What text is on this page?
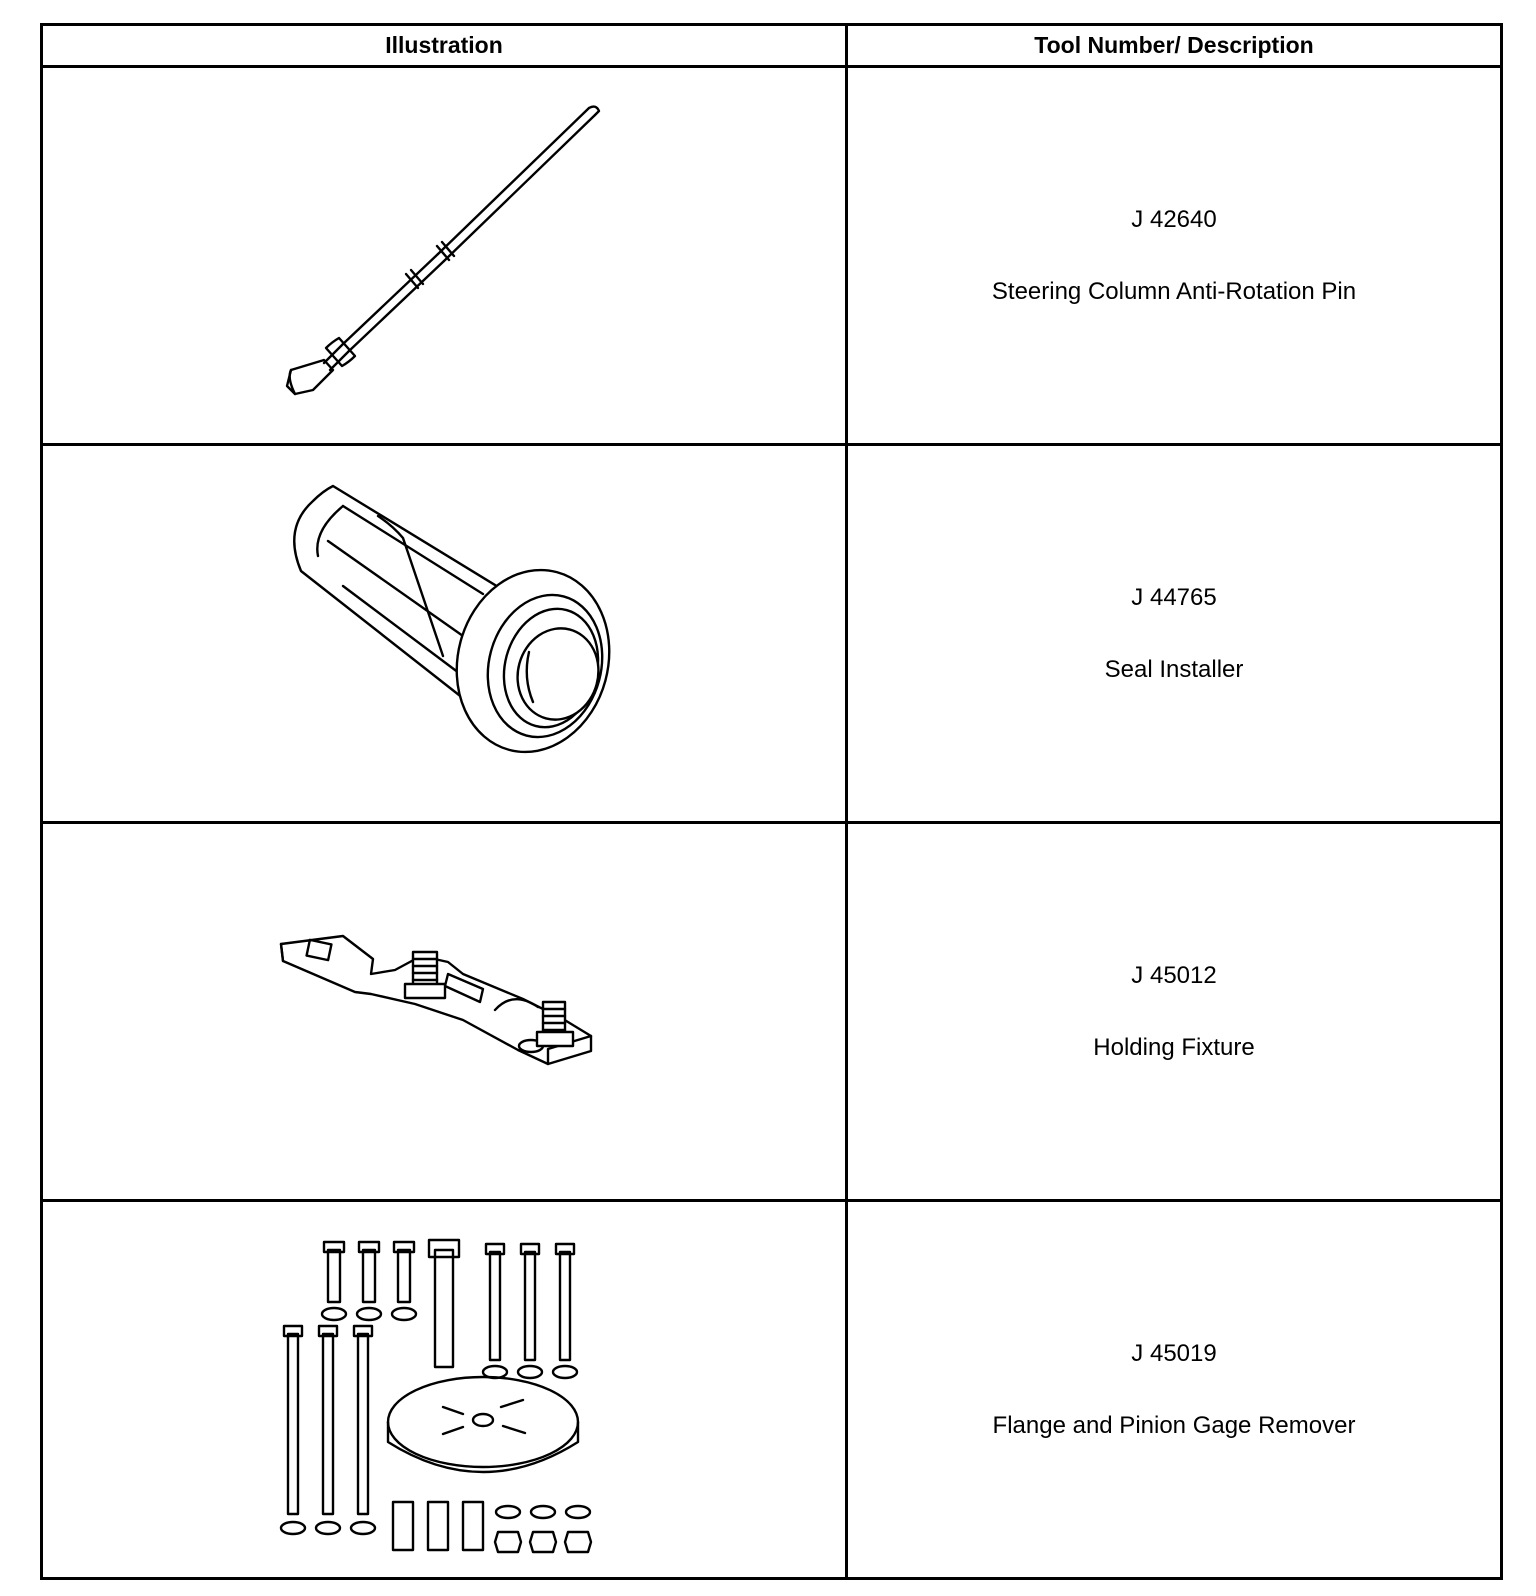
Illustration	Tool Number/ Description

J 42640
Steering Column Anti-Rotation Pin

J 44765
Seal Installer

J 45012
Holding Fixture

J 45019
Flange and Pinion Gage Remover
